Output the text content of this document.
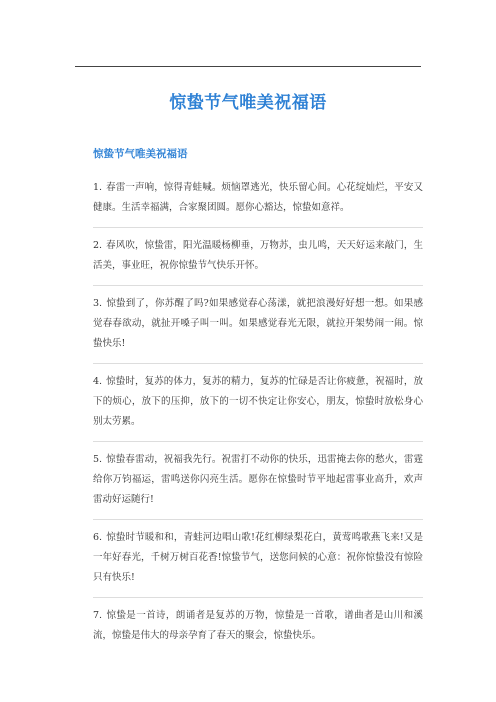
惊蛰节气唯美祝福语
惊蛰节气唯美祝福语
1. 春雷一声响，惊得青蛙喊。烦恼罩逃光，快乐留心间。心花绽灿烂，平安又健康。生活幸福满，合家聚团圆。愿你心豁达，惊蛰如意祥。
2. 春风吹，惊蛰雷，阳光温暖杨柳垂，万物苏，虫儿鸣，天天好运来敲门，生活美，事业旺，祝你惊蛰节气快乐开怀。
3. 惊蛰到了，你苏醒了吗?如果感觉春心荡漾，就把浪漫好好想一想。如果感觉春春欲动，就扯开嗓子叫一叫。如果感觉春光无限，就拉开架势闹一闹。惊蛰快乐!
4. 惊蛰时，复苏的体力，复苏的精力，复苏的忙碌是否让你疲惫，祝福时，放下的烦心，放下的压抑，放下的一切不快定让你安心，朋友，惊蛰时放松身心别太劳累。
5. 惊蛰春雷动，祝福我先行。祝雷打不动你的快乐，迅雷掩去你的愁火，雷霆给你万钧福运，雷鸣送你闪亮生活。愿你在惊蛰时节平地起雷事业高升，欢声雷动好运随行!
6. 惊蛰时节暖和和，青蛙河边唱山歌!花红柳绿梨花白，黄莺鸣歌燕飞来!又是一年好春光，千树万树百花香!惊蛰节气，送您问候的心意：祝你惊蛰没有惊险只有快乐!
7. 惊蛰是一首诗，朗诵者是复苏的万物，惊蛰是一首歌，谱曲者是山川和溪流，惊蛰是伟大的母亲孕育了春天的聚会，惊蛰快乐。
